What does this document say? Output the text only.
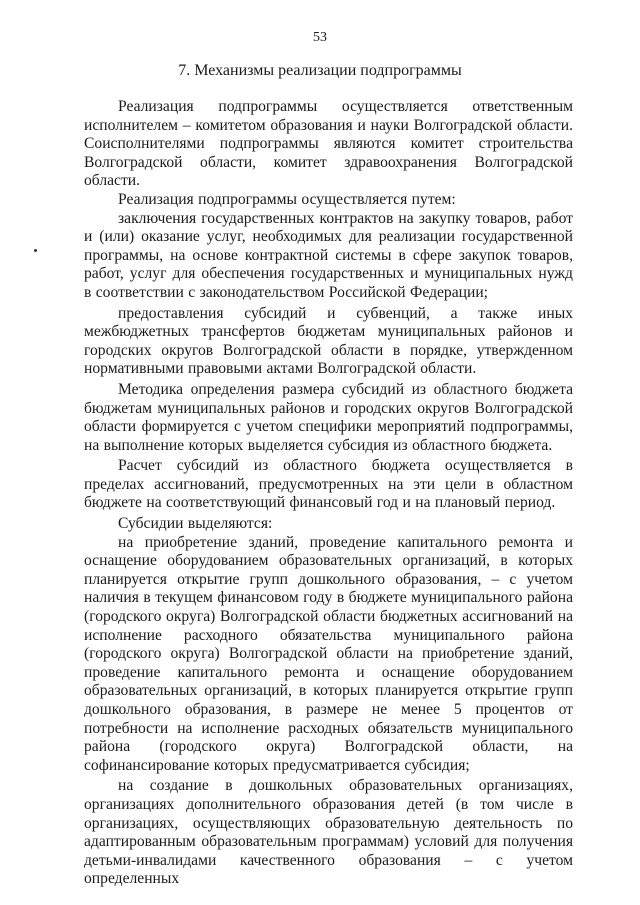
53
7. Механизмы реализации подпрограммы

Реализация подпрограммы осуществляется ответственным исполнителем – комитетом образования и науки Волгоградской области. Соисполнителями подпрограммы являются комитет строительства Волгоградской области, комитет здравоохранения Волгоградской области.

Реализация подпрограммы осуществляется путем:

заключения государственных контрактов на закупку товаров, работ и (или) оказание услуг, необходимых для реализации государственной программы, на основе контрактной системы в сфере закупок товаров, работ, услуг для обеспечения государственных и муниципальных нужд в соответствии с законодательством Российской Федерации;

предоставления субсидий и субвенций, а также иных межбюджетных трансфертов бюджетам муниципальных районов и городских округов Волгоградской области в порядке, утвержденном нормативными правовыми актами Волгоградской области.

Методика определения размера субсидий из областного бюджета бюджетам муниципальных районов и городских округов Волгоградской области формируется с учетом специфики мероприятий подпрограммы, на выполнение которых выделяется субсидия из областного бюджета.

Расчет субсидий из областного бюджета осуществляется в пределах ассигнований, предусмотренных на эти цели в областном бюджете на соответствующий финансовый год и на плановый период.

Субсидии выделяются:

на приобретение зданий, проведение капитального ремонта и оснащение оборудованием образовательных организаций, в которых планируется открытие групп дошкольного образования, – с учетом наличия в текущем финансовом году в бюджете муниципального района (городского округа) Волгоградской области бюджетных ассигнований на исполнение расходного обязательства муниципального района (городского округа) Волгоградской области на приобретение зданий, проведение капитального ремонта и оснащение оборудованием образовательных организаций, в которых планируется открытие групп дошкольного образования, в размере не менее 5 процентов от потребности на исполнение расходных обязательств муниципального района (городского округа) Волгоградской области, на софинансирование которых предусматривается субсидия;

на создание в дошкольных образовательных организациях, организациях дополнительного образования детей (в том числе в организациях, осуществляющих образовательную деятельность по адаптированным образовательным программам) условий для получения детьми-инвалидами качественного образования – с учетом определенных
